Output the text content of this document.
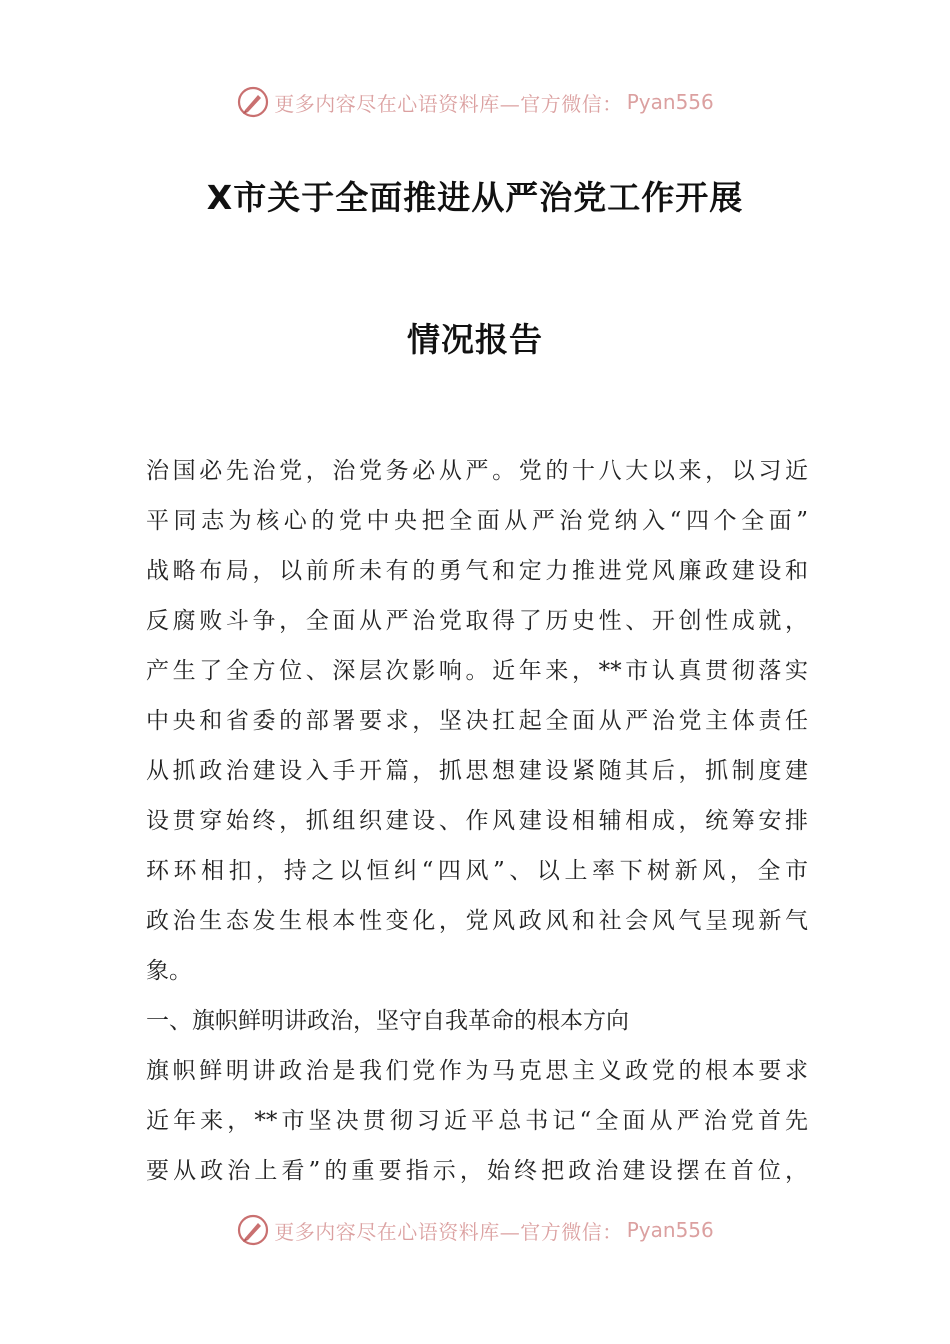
更多内容尽在心语资料库—官方微信： Pyan556
X市关于全面推进从严治党工作开展
情况报告
治国必先治党，治党务必从严。党的十八大以来，以习近
平同志为核心的党中央把全面从严治党纳入“四个全面”
战略布局，以前所未有的勇气和定力推进党风廉政建设和
反腐败斗争，全面从严治党取得了历史性、开创性成就，
产生了全方位、深层次影响。近年来，**市认真贯彻落实
中央和省委的部署要求，坚决扛起全面从严治党主体责任
从抓政治建设入手开篇，抓思想建设紧随其后，抓制度建
设贯穿始终，抓组织建设、作风建设相辅相成，统筹安排
环环相扣，持之以恒纠“四风”、以上率下树新风，全市
政治生态发生根本性变化，党风政风和社会风气呈现新气
象。
一、旗帜鲜明讲政治，坚守自我革命的根本方向
旗帜鲜明讲政治是我们党作为马克思主义政党的根本要求
近年来，**市坚决贯彻习近平总书记“全面从严治党首先
要从政治上看”的重要指示，始终把政治建设摆在首位，
更多内容尽在心语资料库—官方微信： Pyan556
